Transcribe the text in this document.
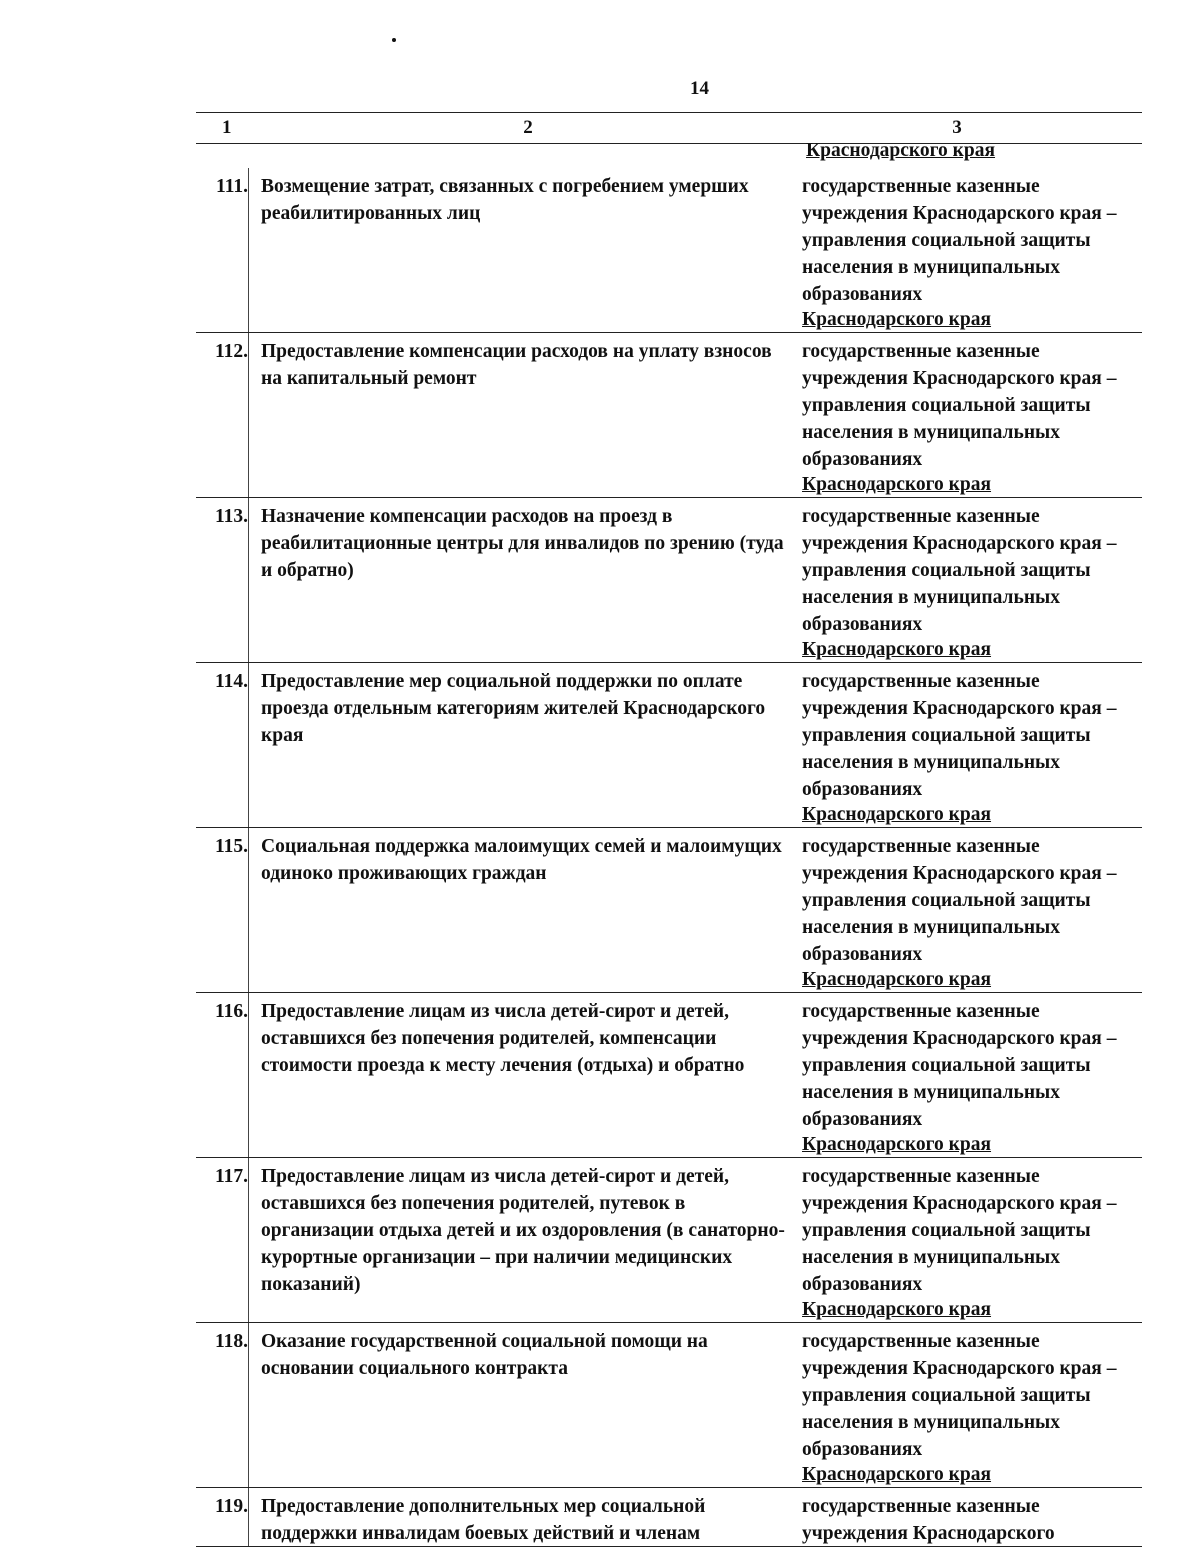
14
1	2	3
Краснодарского края
111. Возмещение затрат, связанных с погребением умерших реабилитированных лиц
государственные казенные учреждения Краснодарского края – управления социальной защиты населения в муниципальных образованиях
Краснодарского края
112. Предоставление компенсации расходов на уплату взносов на капитальный ремонт
государственные казенные учреждения Краснодарского края – управления социальной защиты населения в муниципальных образованиях
Краснодарского края
113. Назначение компенсации расходов на проезд в реабилитационные центры для инвалидов по зрению (туда и обратно)
государственные казенные учреждения Краснодарского края – управления социальной защиты населения в муниципальных образованиях
Краснодарского края
114. Предоставление мер социальной поддержки по оплате проезда отдельным категориям жителей Краснодарского края
государственные казенные учреждения Краснодарского края – управления социальной защиты населения в муниципальных образованиях
Краснодарского края
115. Социальная поддержка малоимущих семей и малоимущих одиноко проживающих граждан
государственные казенные учреждения Краснодарского края – управления социальной защиты населения в муниципальных образованиях
Краснодарского края
116. Предоставление лицам из числа детей-сирот и детей, оставшихся без попечения родителей, компенсации стоимости проезда к месту лечения (отдыха) и обратно
государственные казенные учреждения Краснодарского края – управления социальной защиты населения в муниципальных образованиях
Краснодарского края
117. Предоставление лицам из числа детей-сирот и детей, оставшихся без попечения родителей, путевок в организации отдыха детей и их оздоровления (в санаторно-курортные организации – при наличии медицинских показаний)
государственные казенные учреждения Краснодарского края – управления социальной защиты населения в муниципальных образованиях
Краснодарского края
118. Оказание государственной социальной помощи на основании социального контракта
государственные казенные учреждения Краснодарского края – управления социальной защиты населения в муниципальных образованиях
Краснодарского края
119. Предоставление дополнительных мер социальной поддержки инвалидам боевых действий и членам
государственные казенные учреждения Краснодарского
